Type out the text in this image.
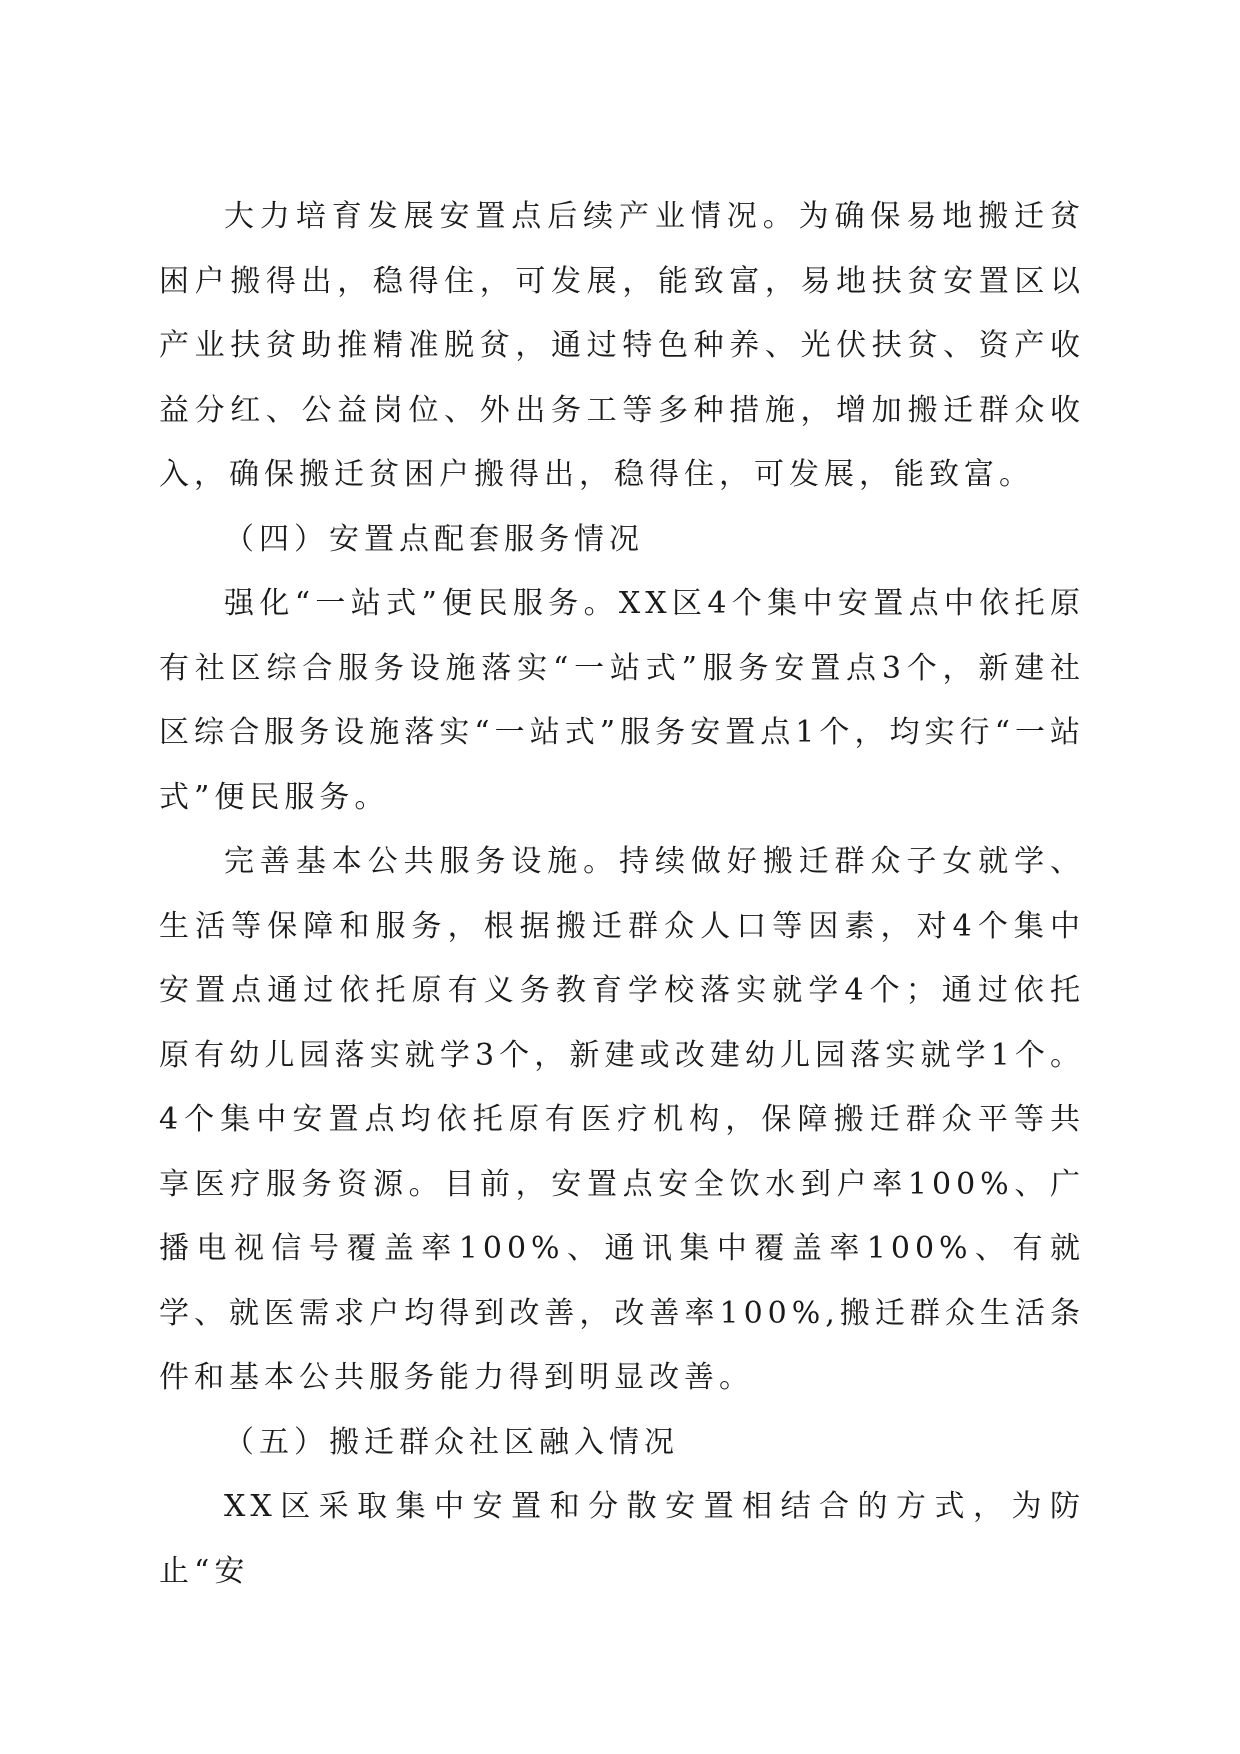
大力培育发展安置点后续产业情况。为确保易地搬迁贫困户搬得出，稳得住，可发展，能致富，易地扶贫安置区以产业扶贫助推精准脱贫，通过特色种养、光伏扶贫、资产收益分红、公益岗位、外出务工等多种措施，增加搬迁群众收入，确保搬迁贫困户搬得出，稳得住，可发展，能致富。

（四）安置点配套服务情况

强化“一站式”便民服务。XX区4个集中安置点中依托原有社区综合服务设施落实“一站式”服务安置点3个，新建社区综合服务设施落实“一站式”服务安置点1个，均实行“一站式”便民服务。

完善基本公共服务设施。持续做好搬迁群众子女就学、生活等保障和服务，根据搬迁群众人口等因素，对4个集中安置点通过依托原有义务教育学校落实就学4个；通过依托原有幼儿园落实就学3个，新建或改建幼儿园落实就学1个。4个集中安置点均依托原有医疗机构，保障搬迁群众平等共享医疗服务资源。目前，安置点安全饮水到户率100%、广播电视信号覆盖率100%、通讯集中覆盖率100%、有就学、就医需求户均得到改善，改善率100%,搬迁群众生活条件和基本公共服务能力得到明显改善。

（五）搬迁群众社区融入情况

XX区采取集中安置和分散安置相结合的方式，为防止“安
